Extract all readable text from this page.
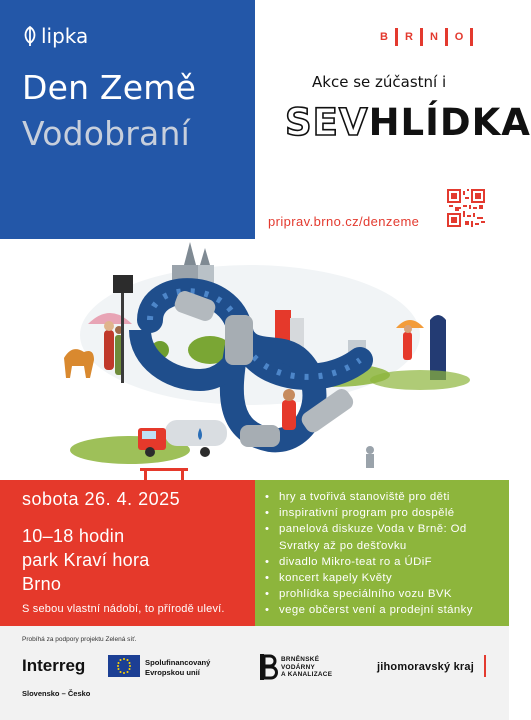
lipka
Den Země
Vodobraní
B	R	N	O
Akce se zúčastní i
SEV HLÍDKA
priprav.brno.cz/denzeme
sobota 26. 4. 2025
10–18 hodin
park Kraví hora
Brno
S sebou vlastní nádobí, to přírodě uleví.
• hry a tvořivá stanoviště pro děti
• inspirativní program pro dospělé
• panelová diskuze Voda v Brně: Od Svratky až po dešťovku
• divadlo Mikro-teat ro a ÚDiF
• koncert kapely Květy
• prohlídka speciálního vozu BVK
• vege občerst vení a prodejní stánky
Probíhá za podpory projektu Zelená síť.
Interreg
Slovensko – Česko
Spolufinancovaný
Evropskou unií
BRNĚNSKÉ
VODÁRNY
A KANALIZACE
jihomoravský kraj
